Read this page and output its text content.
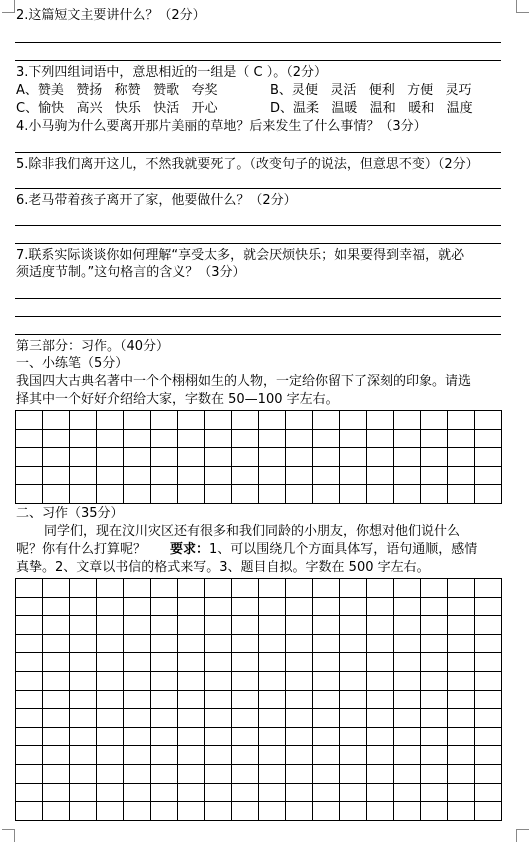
2.这篇短文主要讲什么？（2分）
3.下列四组词语中，意思相近的一组是（ C ）。（2分）
A、赞美   赞扬   称赞   赞歌   夸奖	B、灵便   灵活   便利   方便   灵巧
C、愉快   高兴   快乐   快活   开心	D、温柔   温暖   温和   暖和   温度
4.小马驹为什么要离开那片美丽的草地？后来发生了什么事情？（3分）
5.除非我们离开这儿，不然我就要死了。（改变句子的说法，但意思不变）（2分）
6.老马带着孩子离开了家，他要做什么？（2分）
7.联系实际谈谈你如何理解“享受太多，就会厌烦快乐；如果要得到幸福，就必
须适度节制。”这句格言的含义？（3分）
第三部分：习作。（40分）
一、小练笔（5分）
我国四大古典名著中一个个栩栩如生的人物，一定给你留下了深刻的印象。请选
择其中一个好好介绍给大家，字数在 50—100 字左右。
二、习作（35分）
同学们，现在汶川灾区还有很多和我们同龄的小朋友，你想对他们说什么
呢？你有什么打算呢？ 要求：1、可以围绕几个方面具体写，语句通顺，感情
真挚。2、文章以书信的格式来写。3、题目自拟。字数在 500 字左右。
